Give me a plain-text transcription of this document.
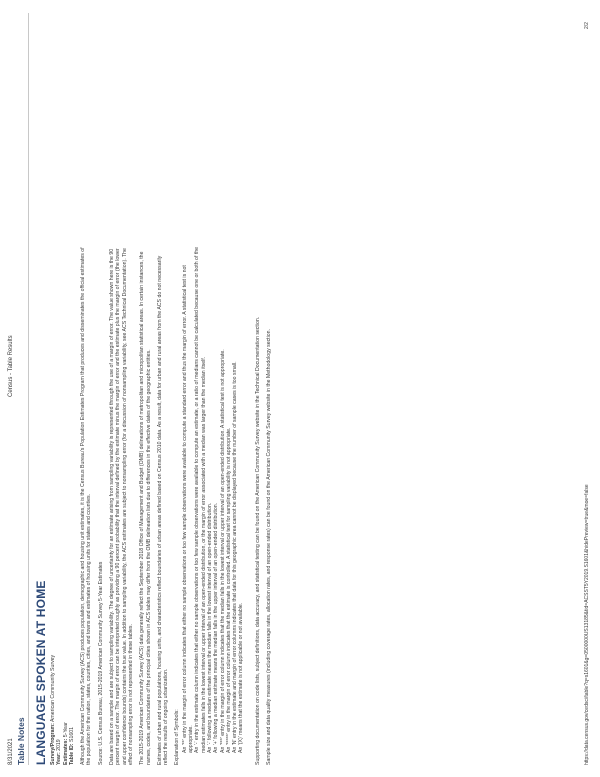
8/31/2021
Census - Table Results
Table Notes LANGUAGE SPOKEN AT HOME Survey/Program: American Community Survey
Year: 2019 Estimates: 5-Year
Table ID: S1601 Although the American Community Survey (ACS) produces population, demographic and housing unit estimates, it is the Census Bureau's Population Estimates Program that produces and disseminates the official estimates of the population for the nation, states, counties, cities, and towns and estimates of housing units for states and counties. Source: U.S. Census Bureau, 2015-2019 American Community Survey 5-Year Estimates Data are based on a sample and are subject to sampling variability. The degree of uncertainty for an estimate arising from sampling variability is represented through the use of a margin of error. The value shown here is the 90 percent margin of error. The margin of error can be interpreted roughly as providing a 90 percent probability that the interval defined by the estimate minus the margin of error and the estimate plus the margin of error (the lower and upper confidence bounds) contains the true value. In addition to sampling variability, the ACS estimates are subject to nonsampling error (for a discussion of nonsampling variability, see ACS Technical Documentation). The effect of nonsampling error is not represented in these tables. The 2015-2019 American Community Survey (ACS) data generally reflect the September 2018 Office of Management and Budget (OMB) delineations of metropolitan and micropolitan statistical areas. In certain instances, the names, codes, and boundaries of the principal cities shown in ACS tables may differ from the OMB delineation lists due to differences in the effective dates of the geographic entities. Estimates of urban and rural populations, housing units, and characteristics reflect boundaries of urban areas defined based on Census 2010 data. As a result, data for urban and rural areas from the ACS do not necessarily reflect the results of ongoing urbanization. Explanation of Symbols: An '**' entry in the margin of error column indicates that either no sample observations or too few sample observations were available to compute a standard error and thus the margin of error. A statistical test is not appropriate. An '-' entry in the estimate column indicates that either no sample observations or too few sample observations were available to compute an estimate, or a ratio of medians cannot be calculated because one or both of the median estimates falls in the lowest interval or upper interval of an open-ended distribution, or the margin of error associated with a median was larger than the median itself. An '-' following a median estimate means the median falls in the lowest interval of an open-ended distribution. An '+' following a median estimate means the median falls in the upper interval of an open-ended distribution. An '***' entry in the margin of error column indicates that the median falls in the lowest interval or upper interval of an open-ended distribution. A statistical test is not appropriate. An '*****' entry in the margin of error column indicates that the estimate is controlled. A statistical test for sampling variability is not appropriate. An 'N' entry in the estimate and margin of error columns indicates that data for this geographic area cannot be displayed because the number of sample cases is too small. An '(X)' means that the estimate is not applicable or not available. Supporting documentation on code lists, subject definitions, data accuracy, and statistical testing can be found on the American Community Survey website in the Technical Documentation section. Sample size and data quality measures (including coverage rates, allocation rates, and response rates) can be found on the American Community Survey website in the Methodology section.	https://data.census.gov/cedsci/table?q=s1601&g=0500000US13185&tid=ACSST5Y2019.S1601&hidePreview=true&moe=false
2/2
